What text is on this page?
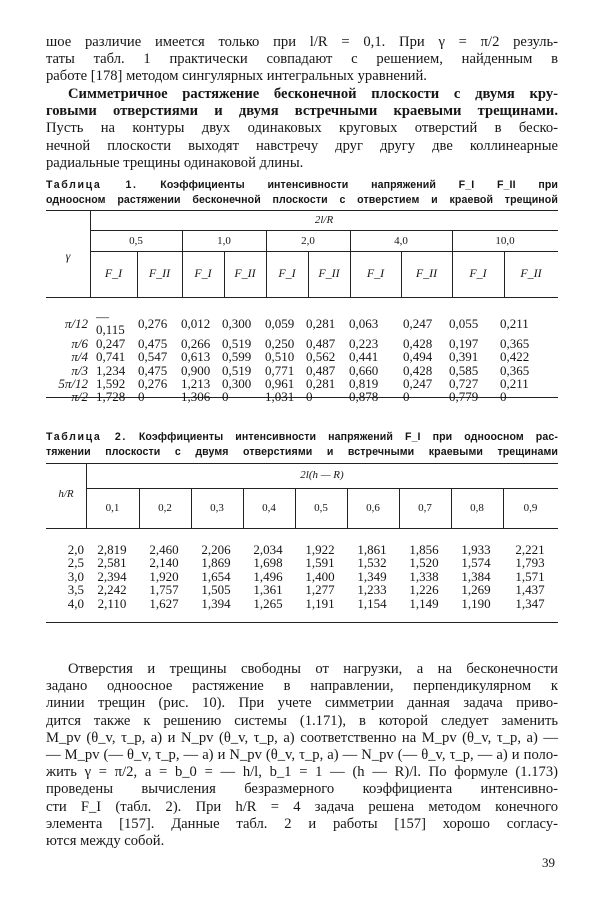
шое различие имеется только при l/R = 0,1. При γ = π/2 резуль-
таты табл. 1 практически совпадают с решением, найденным в
работе [178] методом сингулярных интегральных уравнений.

Симметричное растяжение бесконечной плоскости с двумя кру-
говыми отверстиями и двумя встречными краевыми трещинами.
Пусть на контуры двух одинаковых круговых отверстий в беско-
нечной плоскости выходят навстречу друг другу две коллинеарные
радиальные трещины одинаковой длины.

Таблица 1. Коэффициенты интенсивности напряжений F_I F_II при
одноосном растяжении бесконечной плоскости с отверстием и краевой трещиной
γ
2l/R
0,5	1,0	2,0	4,0	10,0
F_I	F_II	F_I	F_II	F_I	F_II	F_I	F_II	F_I	F_II
π/12	—0,115	0,276	0,012	0,300	0,059	0,281	0,063	0,247	0,055	0,211
π/6	0,247	0,475	0,266	0,519	0,250	0,487	0,223	0,428	0,197	0,365
π/4	0,741	0,547	0,613	0,599	0,510	0,562	0,441	0,494	0,391	0,422
π/3	1,234	0,475	0,900	0,519	0,771	0,487	0,660	0,428	0,585	0,365
5π/12	1,592	0,276	1,213	0,300	0,961	0,281	0,819	0,247	0,727	0,211
π/2	1,728	0	1,306	0	1,031	0	0,878	0	0,779	0
Таблица 2. Коэффициенты интенсивности напряжений F_I при одноосном рас-
тяжении плоскости с двумя отверстиями и встречными краевыми трещинами
h/R
2l(h — R)
0,1	0,2	0,3	0,4	0,5	0,6	0,7	0,8	0,9
2,0	2,819	2,460	2,206	2,034	1,922	1,861	1,856	1,933	2,221
2,5	2,581	2,140	1,869	1,698	1,591	1,532	1,520	1,574	1,793
3,0	2,394	1,920	1,654	1,496	1,400	1,349	1,338	1,384	1,571
3,5	2,242	1,757	1,505	1,361	1,277	1,233	1,226	1,269	1,437
4,0	2,110	1,627	1,394	1,265	1,191	1,154	1,149	1,190	1,347

Отверстия и трещины свободны от нагрузки, а на бесконечности
задано одноосное растяжение в направлении, перпендикулярном к
линии трещин (рис. 10). При учете симметрии данная задача приво-
дится также к решению системы (1.171), в которой следует заменить
M_pv (θ_v, τ_p, a) и N_pv (θ_v, τ_p, a) соответственно на M_pv (θ_v, τ_p, a) —
— M_pv (— θ_v, τ_p, — a) и N_pv (θ_v, τ_p, a) — N_pv (— θ_v, τ_p, — a) и поло-
жить γ = π/2, a = b_0 = — h/l, b_1 = 1 — (h — R)/l. По формуле (1.173)
проведены вычисления безразмерного коэффициента интенсивно-
сти F_I (табл. 2). При h/R = 4 задача решена методом конечного
элемента [157]. Данные табл. 2 и работы [157] хорошо согласу-
ются между собой.

39
